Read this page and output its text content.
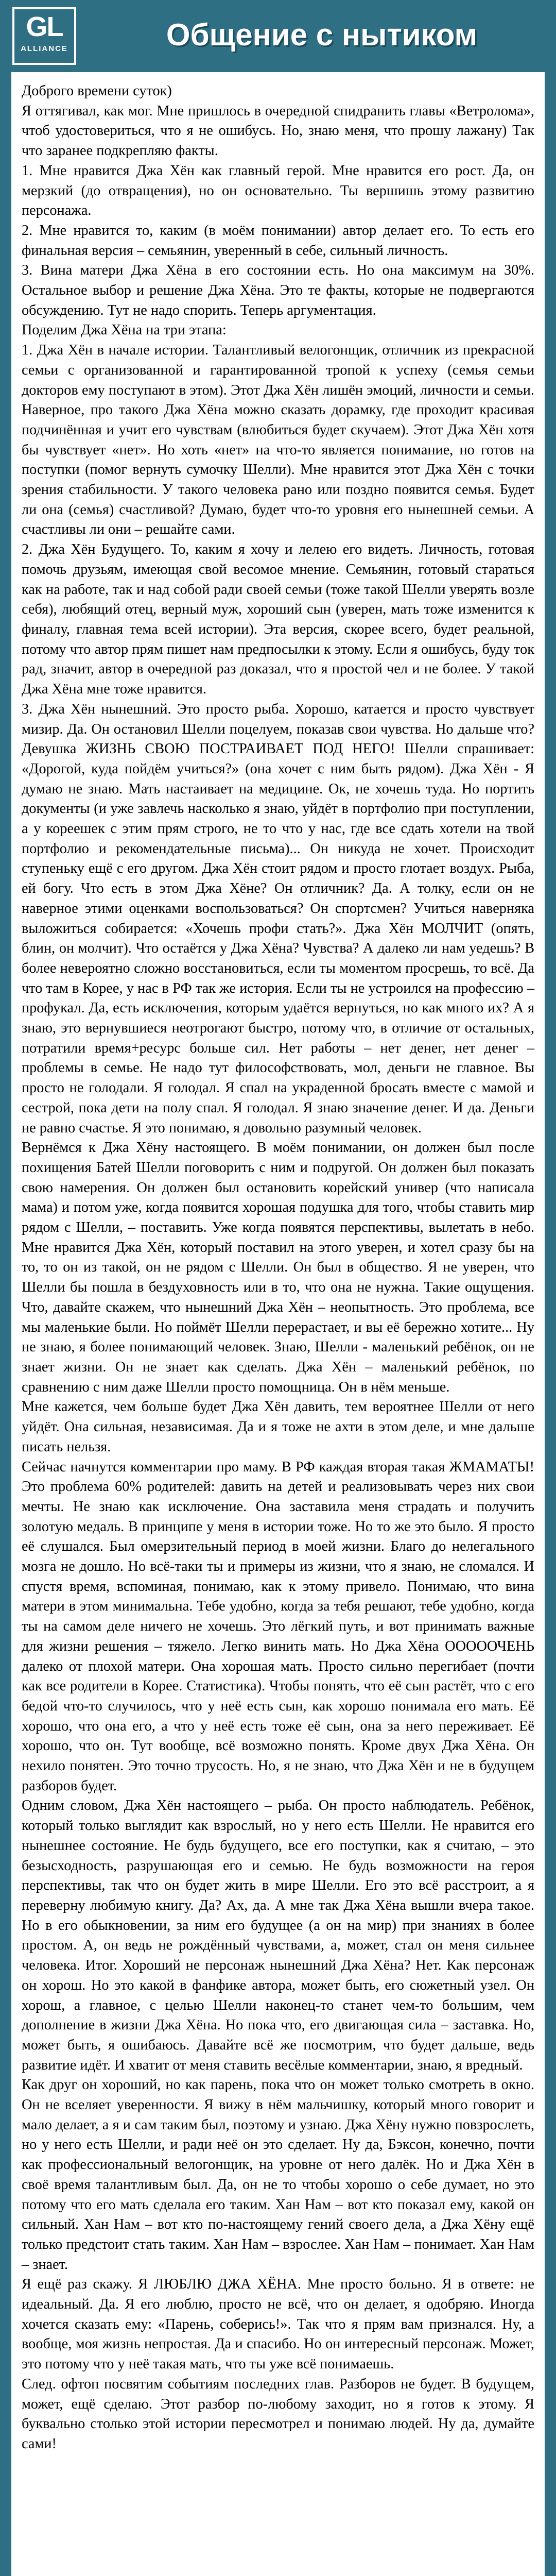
GL
ALLIANCE	Общение с нытиком

Доброго времени суток)

Я оттягивал, как мог. Мне пришлось в очередной спидранить главы «Ветролома», чтоб удостовериться, что я не ошибусь. Но, знаю меня, что прошу лажану) Так что заранее подкрепляю факты.

1. Мне нравится Джа Хён как главный герой. Мне нравится его рост. Да, он мерзкий (до отвращения), но он основательно. Ты вершишь этому развитию персонажа.

2. Мне нравится то, каким (в моём понимании) автор делает его. То есть его финальная версия – семьянин, уверенный в себе, сильный личность.

3. Вина матери Джа Хёна в его состоянии есть. Но она максимум на 30%. Остальное выбор и решение Джа Хёна. Это те факты, которые не подвергаются обсуждению. Тут не надо спорить. Теперь аргументация.

Поделим Джа Хёна на три этапа:

1. Джа Хён в начале истории. Талантливый велогонщик, отличник из прекрасной семьи с организованной и гарантированной тропой к успеху (семья семьи докторов ему поступают в этом). Этот Джа Хён лишён эмоций, личности и семьи. Наверное, про такого Джа Хёна можно сказать дорамку, где проходит красивая подчинённая и учит его чувствам (влюбиться будет скучаем). Этот Джа Хён хотя бы чувствует «нет». Но хоть «нет» на что-то является понимание, но готов на поступки (помог вернуть сумочку Шелли). Мне нравится этот Джа Хён с точки зрения стабильности. У такого человека рано или поздно появится семья. Будет ли она (семья) счастливой? Думаю, будет что-то уровня его нынешней семьи. А счастливы ли они – решайте сами.

2. Джа Хён Будущего. То, каким я хочу и лелею его видеть. Личность, готовая помочь друзьям, имеющая свой весомое мнение. Семьянин, готовый стараться как на работе, так и над собой ради своей семьи (тоже такой Шелли уверять возле себя), любящий отец, верный муж, хороший сын (уверен, мать тоже изменится к финалу, главная тема всей истории). Эта версия, скорее всего, будет реальной, потому что автор прям пишет нам предпосылки к этому. Если я ошибусь, буду ток рад, значит, автор в очередной раз доказал, что я простой чел и не более. У такой Джа Хёна мне тоже нравится.

3. Джа Хён нынешний. Это просто рыба. Хорошо, катается и просто чувствует мизир. Дa. Он остановил Шелли поцелуем, показав свои чувства. Но дальше что? Девушка ЖИЗНЬ СВОЮ ПОСТРАИВАЕТ ПОД НЕГО! Шелли спрашивает: «Дорогой, куда пойдём учиться?» (она хочет с ним быть рядом). Джа Хён - Я думаю не знаю. Мать настаивает на медицине. Ок, не хочешь туда. Но портить документы (и уже завлечь насколько я знаю, уйдёт в портфолио при поступлении, а у кореешек с этим прям строго, не то что у нас, где все сдать хотели на твой портфолио и рекомендательные письма)... Он никуда не хочет. Происходит ступеньку ещё с его другом. Джа Хён стоит рядом и просто глотает воздух. Рыба, ей богу. Что есть в этом Джа Хёне? Он отличник? Да. А толку, если он не наверное этими оценками воспользоваться? Он спортсмен? Учиться наверняка выложиться собирается: «Хочешь профи стать?». Джа Хён МОЛЧИТ (опять, блин, он молчит). Что остаётся у Джа Хёна? Чувства? А далеко ли нам уедешь? В более невероятно сложно восстановиться, если ты моментом просрешь, то всё. Да что там в Корее, у нас в РФ так же история. Если ты не устроился на профессию – профукал. Да, есть исключения, которым удаётся вернуться, но как много их? А я знаю, это вернувшиеся неотрогают быстро, потому что, в отличие от остальных, потратили время+ресурс больше сил. Нет работы – нет денег, нет денег – проблемы в семье. Не надо тут философствовать, мол, деньги не главное. Вы просто не голодали. Я голодал. Я спал на украденной бросать вместе с мамой и сестрой, пока дети на полу спал. Я голодал. Я знаю значение денег. И да. Деньги не равно счастье. Я это понимаю, я довольно разумный человек.

Вернёмся к Джа Хёну настоящего. В моём понимании, он должен был после похищения Батей Шелли поговорить с ним и подругой. Он должен был показать свою намерения. Он должен был остановить корейский универ (что написала мама) и потом уже, когда появится хорошая подушка для того, чтобы ставить мир рядом с Шелли, – поставить. Уже когда появятся перспективы, вылетать в небо. Мне нравится Джа Хён, который поставил на этого уверен, и хотел сразу бы на то, то он из такой, он не рядом с Шелли. Он был в общество. Я не уверен, что Шелли бы пошла в бездуховность или в то, что она не нужна. Такие ощущения. Что, давайте скажем, что нынешний Джа Хён – неопытность. Это проблема, все мы маленькие были. Но поймёт Шелли перерастает, и вы её бережно хотите... Ну не знаю, я более понимающий человек. Знаю, Шелли - маленький ребёнок, он не знает жизни. Он не знает как сделать. Джа Хён – маленький ребёнок, по сравнению с ним даже Шелли просто помощница. Он в нём меньше.

Мне кажется, чем больше будет Джа Хён давить, тем вероятнее Шелли от него уйдёт. Она сильная, независимая. Да и я тоже не ахти в этом деле, и мне дальше писать нельзя.

Сейчас начнутся комментарии про маму. В РФ каждая вторая такая ЖМАМАТЫ! Это проблема 60% родителей: давить на детей и реализовывать через них свои мечты. Не знаю как исключение. Она заставила меня страдать и получить золотую медаль. В принципе у меня в истории тоже. Но то же это было. Я просто её слушался. Был омерзительный период в моей жизни. Благо до нелегального мозга не дошло. Но всё-таки ты и примеры из жизни, что я знаю, не сломался. И спустя время, вспоминая, понимаю, как к этому привело. Понимаю, что вина матери в этом минимальна. Тебе удобно, когда за тебя решают, тебе удобно, когда ты на самом деле ничего не хочешь. Это лёгкий путь, и вот принимать важные для жизни решения – тяжело. Легко винить мать. Но Джа Хёна ОООООЧЕНЬ далеко от плохой матери. Она хорошая мать. Просто сильно перегибает (почти как все родители в Корее. Статистика). Чтобы понять, что её сын растёт, что с его бедой что-то случилось, что у неё есть сын, как хорошо понимала его мать. Её хорошо, что она его, а что у неё есть тоже её сын, она за него переживает. Её хорошо, что он. Тут вообще, всё возможно понять. Кроме двух Джа Хёна. Он нехило понятен. Это точно трусость. Но, я не знаю, что Джа Хён и не в будущем разборов будет.

Одним словом, Джа Хён настоящего – рыба. Он просто наблюдатель. Ребёнок, который только выглядит как взрослый, но у него есть Шелли. Не нравится его нынешнее состояние. Не будь будущего, все его поступки, как я считаю, – это безысходность, разрушающая его и семью. Не будь возможности на героя перспективы, так что он будет жить в мире Шелли. Его это всё расстроит, а я переверну любимую книгу. Да? Ах, да. А мне так Джа Хёна вышли вчера такое. Но в его обыкновении, за ним его будущее (а он на мир) при знаниях в более простом. А, он ведь не рождённый чувствами, а, может, стал он меня сильнее человека. Итог. Хороший не персонаж нынешний Джа Хёна? Нет. Как персонаж он хорош. Но это какой в фанфике автора, может быть, его сюжетный узел. Он хорош, а главное, с целью Шелли наконец-то станет чем-то большим, чем дополнение в жизни Джа Хёна. Но пока что, его двигающая сила – заставка. Но, может быть, я ошибаюсь. Давайте всё же посмотрим, что будет дальше, ведь развитие идёт. И хватит от меня ставить весёлые комментарии, знаю, я вредный.

Как друг он хороший, но как парень, пока что он может только смотреть в окно. Он не вселяет уверенности. Я вижу в нём мальчишку, который много говорит и мало делает, а я и сам таким был, поэтому и узнаю. Джа Хёну нужно повзрослеть, но у него есть Шелли, и ради неё он это сделает. Ну да, Бэксон, конечно, почти как профессиональный велогонщик, на уровне от него далёк. Но и Джа Хён в своё время талантливым был. Да, он не то чтобы хорошо о себе думает, но это потому что его мать сделала его таким. Хан Нам – вот кто показал ему, какой он сильный. Хан Нам – вот кто по-настоящему гений своего дела, а Джа Хёну ещё только предстоит стать таким. Хан Нам – взрослее. Хан Нам – понимает. Хан Нам – знает.

Я ещё раз скажу. Я ЛЮБЛЮ ДЖА ХЁНА. Мне просто больно. Я в ответе: не идеальный. Да. Я его люблю, просто не всё, что он делает, я одобряю. Иногда хочется сказать ему: «Парень, соберись!». Так что я прям вам признался. Ну, а вообще, моя жизнь непростая. Да и спасибо. Но он интересный персонаж. Может, это потому что у неё такая мать, что ты уже всё понимаешь.

След. офтоп посвятим событиям последних глав. Разборов не будет. В будущем, может, ещё сделаю. Этот разбор по-любому заходит, но я готов к этому. Я буквально столько этой истории пересмотрел и понимаю людей. Ну да, думайте сами!
